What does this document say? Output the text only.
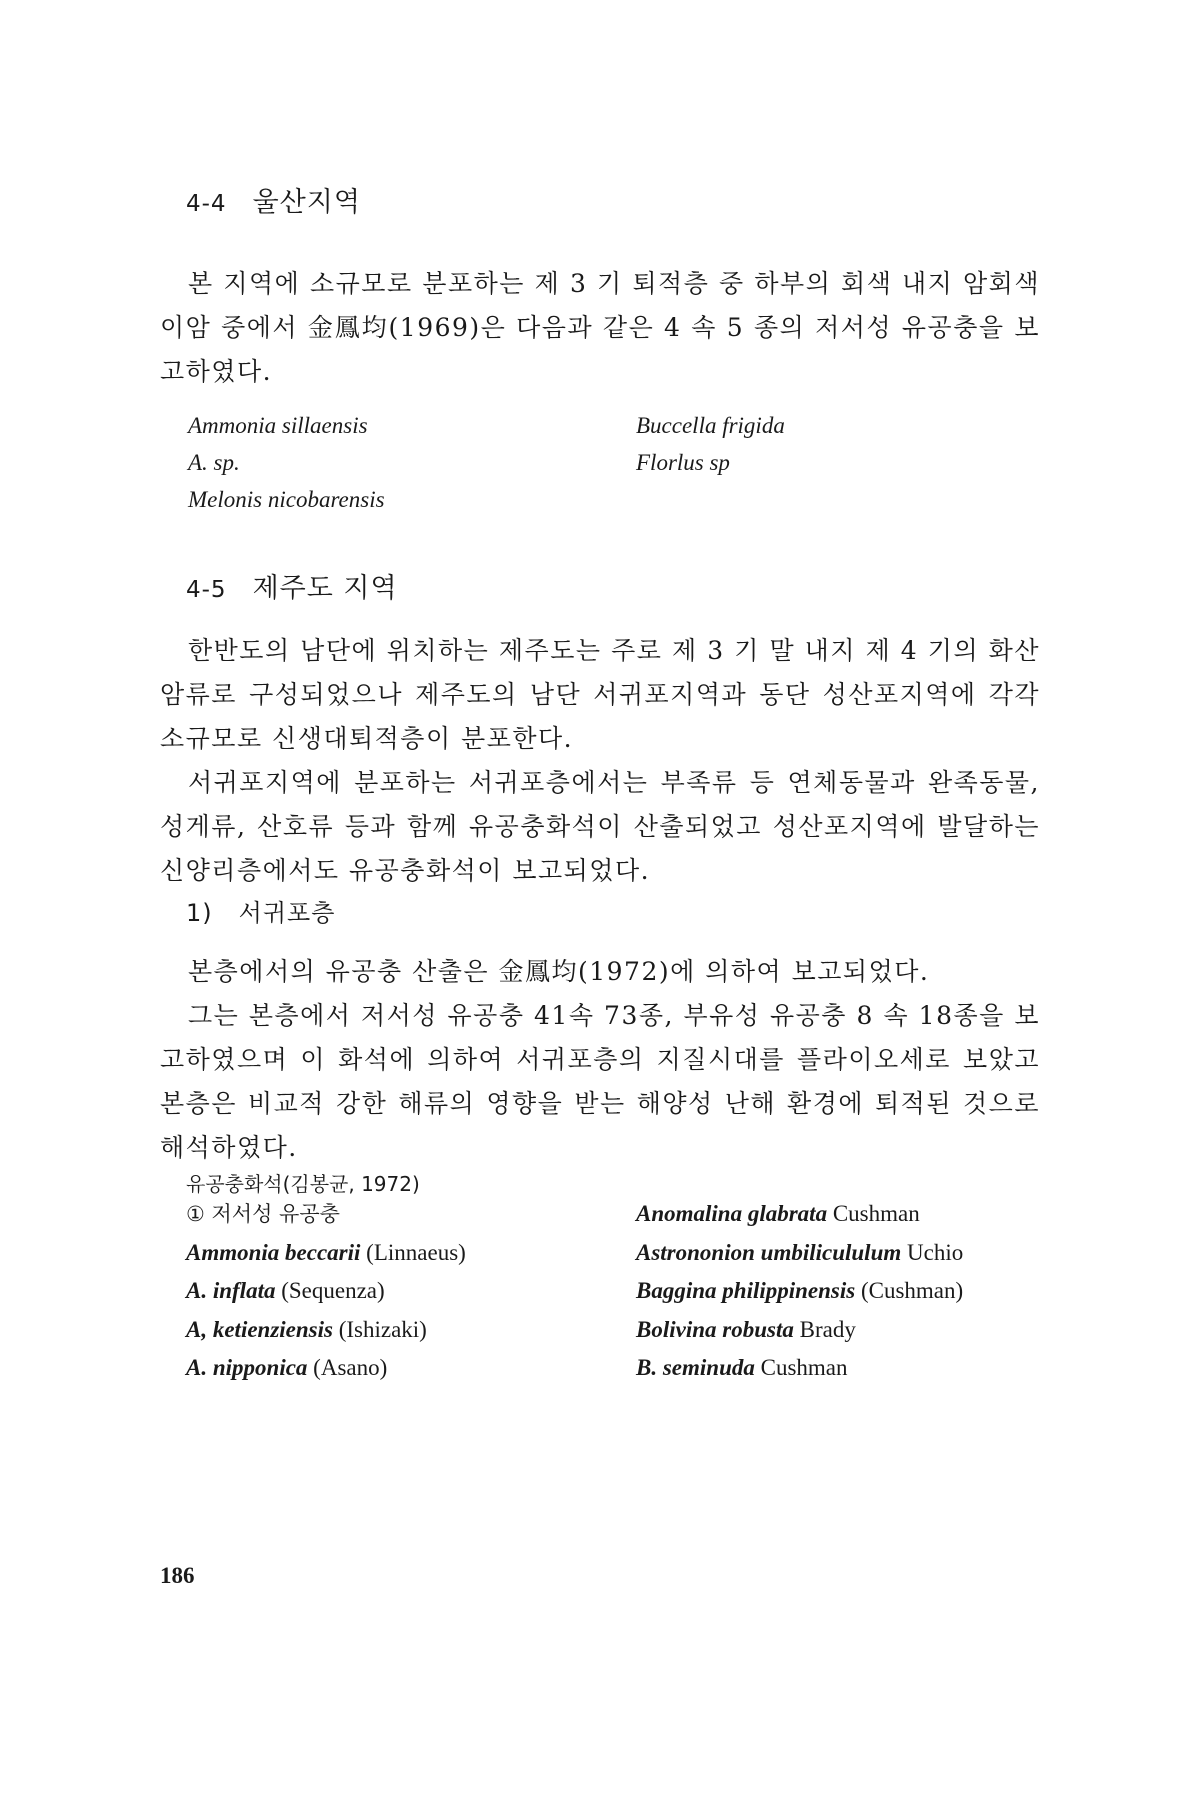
4-4 울산지역

본 지역에 소규모로 분포하는 제 3 기 퇴적층 중 하부의 회색 내지 암회색 이암 중에서 金鳳均(1969)은 다음과 같은 4 속 5 종의 저서성 유공충을 보고하였다.

Ammonia sillaensis
A. sp.
Melonis nicobarensis
Buccella frigida
Florlus sp
4-5 제주도 지역

한반도의 남단에 위치하는 제주도는 주로 제 3 기 말 내지 제 4 기의 화산암류로 구성되었으나 제주도의 남단 서귀포지역과 동단 성산포지역에 각각 소규모로 신생대퇴적층이 분포한다.

서귀포지역에 분포하는 서귀포층에서는 부족류 등 연체동물과 완족동물, 성게류, 산호류 등과 함께 유공충화석이 산출되었고 성산포지역에 발달하는 신양리층에서도 유공충화석이 보고되었다.

1) 서귀포층

본층에서의 유공충 산출은 金鳳均(1972)에 의하여 보고되었다.

그는 본층에서 저서성 유공충 41속 73종, 부유성 유공충 8 속 18종을 보고하였으며 이 화석에 의하여 서귀포층의 지질시대를 플라이오세로 보았고 본층은 비교적 강한 해류의 영향을 받는 해양성 난해 환경에 퇴적된 것으로 해석하였다.

유공충화석(김봉균, 1972)
① 저서성 유공충
Ammonia beccarii (Linnaeus)
A. inflata (Sequenza)
A, ketienziensis (Ishizaki)
A. nipponica (Asano)
Anomalina glabrata Cushman
Astrononion umbilicululum Uchio
Baggina philippinensis (Cushman)
Bolivina robusta Brady
B. seminuda Cushman
186
